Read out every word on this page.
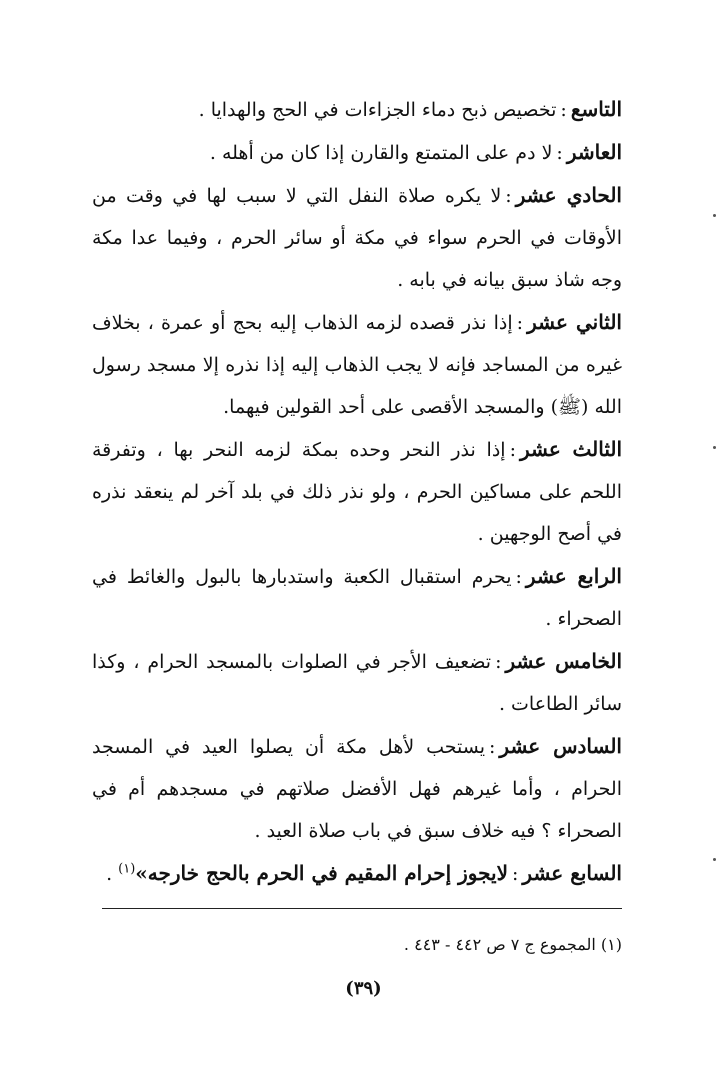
التاسع:تخصيص ذبح دماء الجزاءات في الحج والهدايا .

العاشر:لا دم على المتمتع والقارن إذا كان من أهله .

الحادي عشر:لا يكره صلاة النفل التي لا سبب لها في وقت من الأوقات في الحرم سواء في مكة أو سائر الحرم ، وفيما عدا مكة وجه شاذ سبق بيانه في بابه .

الثاني عشر:إذا نذر قصده لزمه الذهاب إليه بحج أو عمرة ، بخلاف غيره من المساجد فإنه لا يجب الذهاب إليه إذا نذره إلا مسجد رسول الله (ﷺ) والمسجد الأقصى على أحد القولين فيهما.

الثالث عشر:إذا نذر النحر وحده بمكة لزمه النحر بها ، وتفرقة اللحم على مساكين الحرم ، ولو نذر ذلك في بلد آخر لم ينعقد نذره في أصح الوجهين .

الرابع عشر:يحرم استقبال الكعبة واستدبارها بالبول والغائط في الصحراء .

الخامس عشر:تضعيف الأجر في الصلوات بالمسجد الحرام ، وكذا سائر الطاعات .

السادس عشر:يستحب لأهل مكة أن يصلوا العيد في المسجد الحرام ، وأما غيرهم فهل الأفضل صلاتهم في مسجدهم أم في الصحراء ؟ فيه خلاف سبق في باب صلاة العيد .

السابع عشر:لايجوز إحرام المقيم في الحرم بالحج خارجه»$^{(١)}$ .

(١) المجموع ج ٧ ص ٤٤٢ - ٤٤٣ .
(٣٩)
